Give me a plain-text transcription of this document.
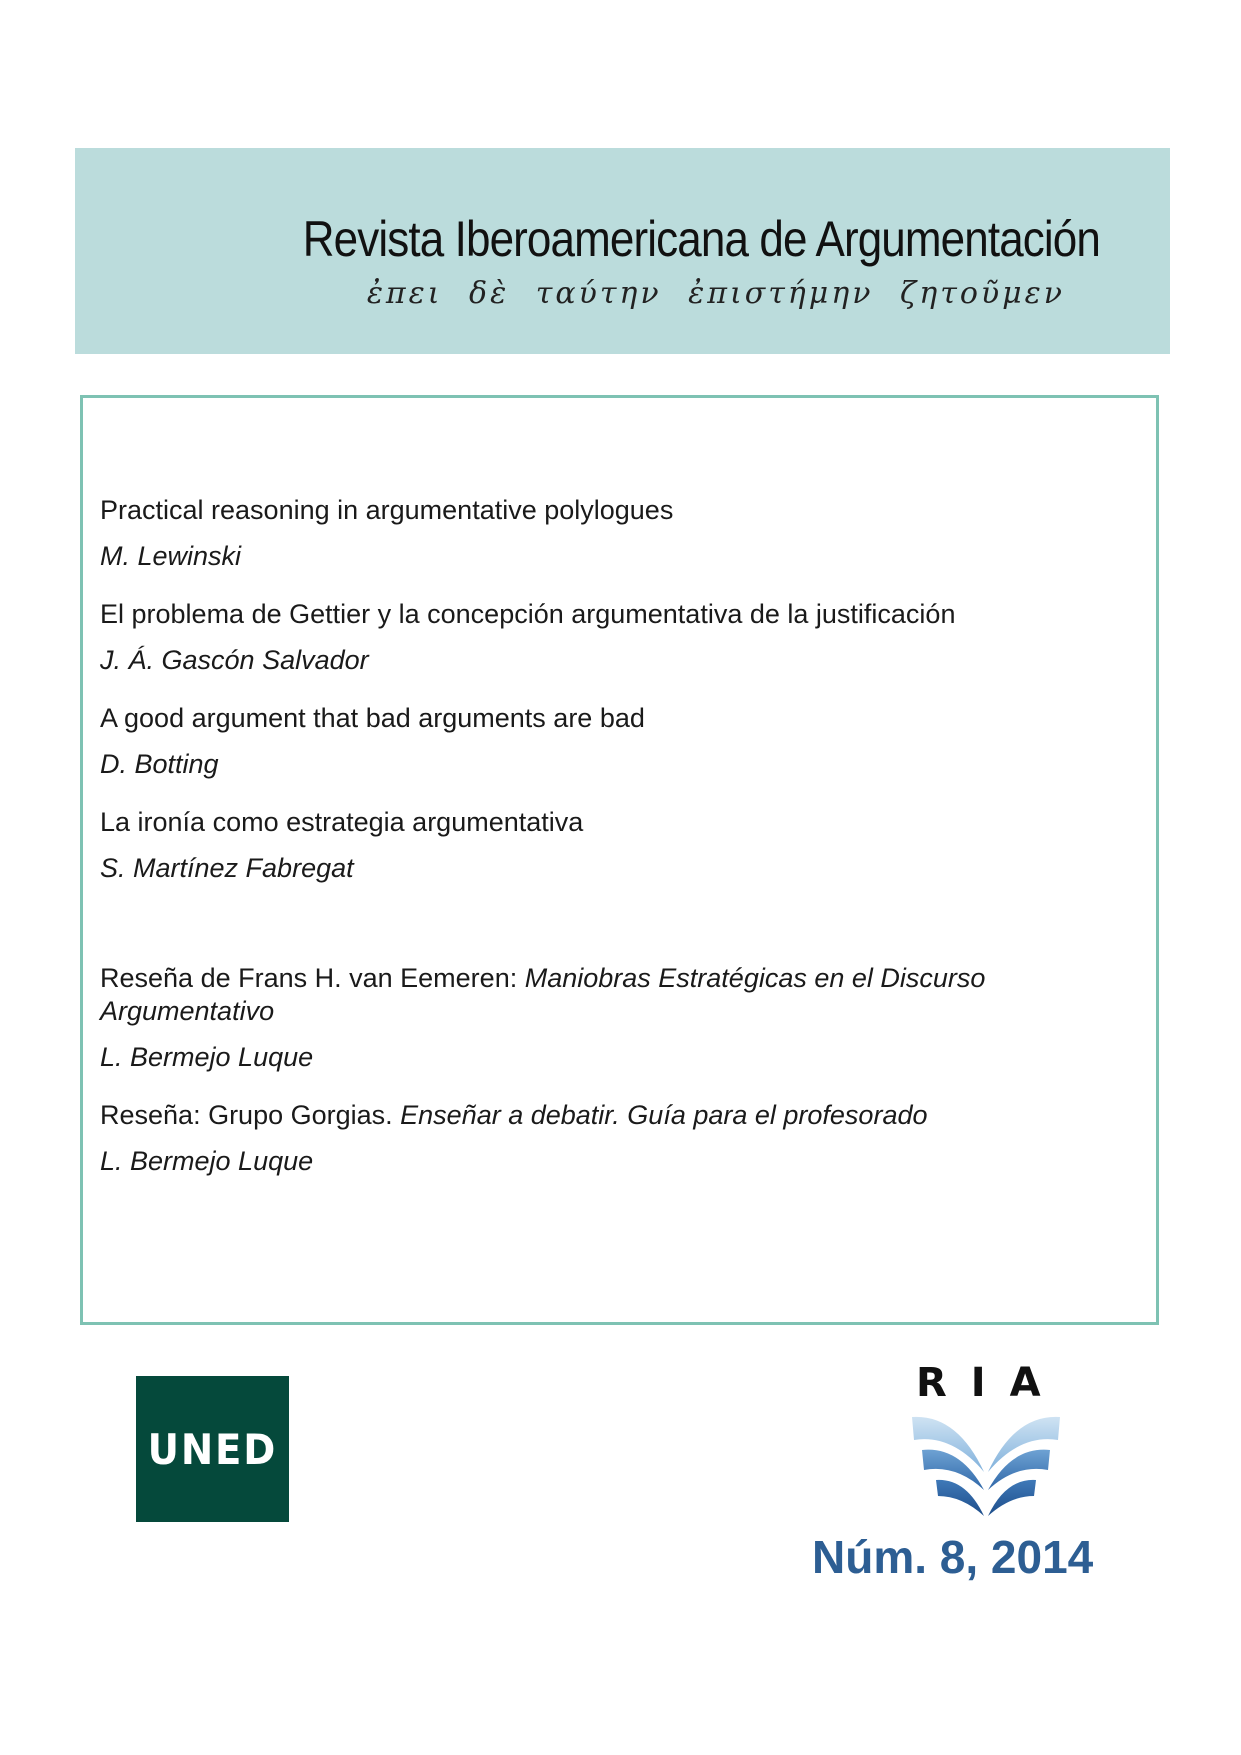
Revista Iberoamericana de Argumentación
ἐπει δὲ ταύτην ἐπιστήμην ζητοῦμεν
Practical reasoning in argumentative polylogues
M. Lewinski
El problema de Gettier y la concepción argumentativa de la justificación
J. Á. Gascón Salvador
A good argument that bad arguments are bad
D. Botting
La ironía como estrategia argumentativa
S. Martínez Fabregat
Reseña de Frans H. van Eemeren: Maniobras Estratégicas en el Discurso Argumentativo
L. Bermejo Luque
Reseña: Grupo Gorgias. Enseñar a debatir. Guía para el profesorado
L. Bermejo Luque
UNED
RIA
Núm. 8, 2014
